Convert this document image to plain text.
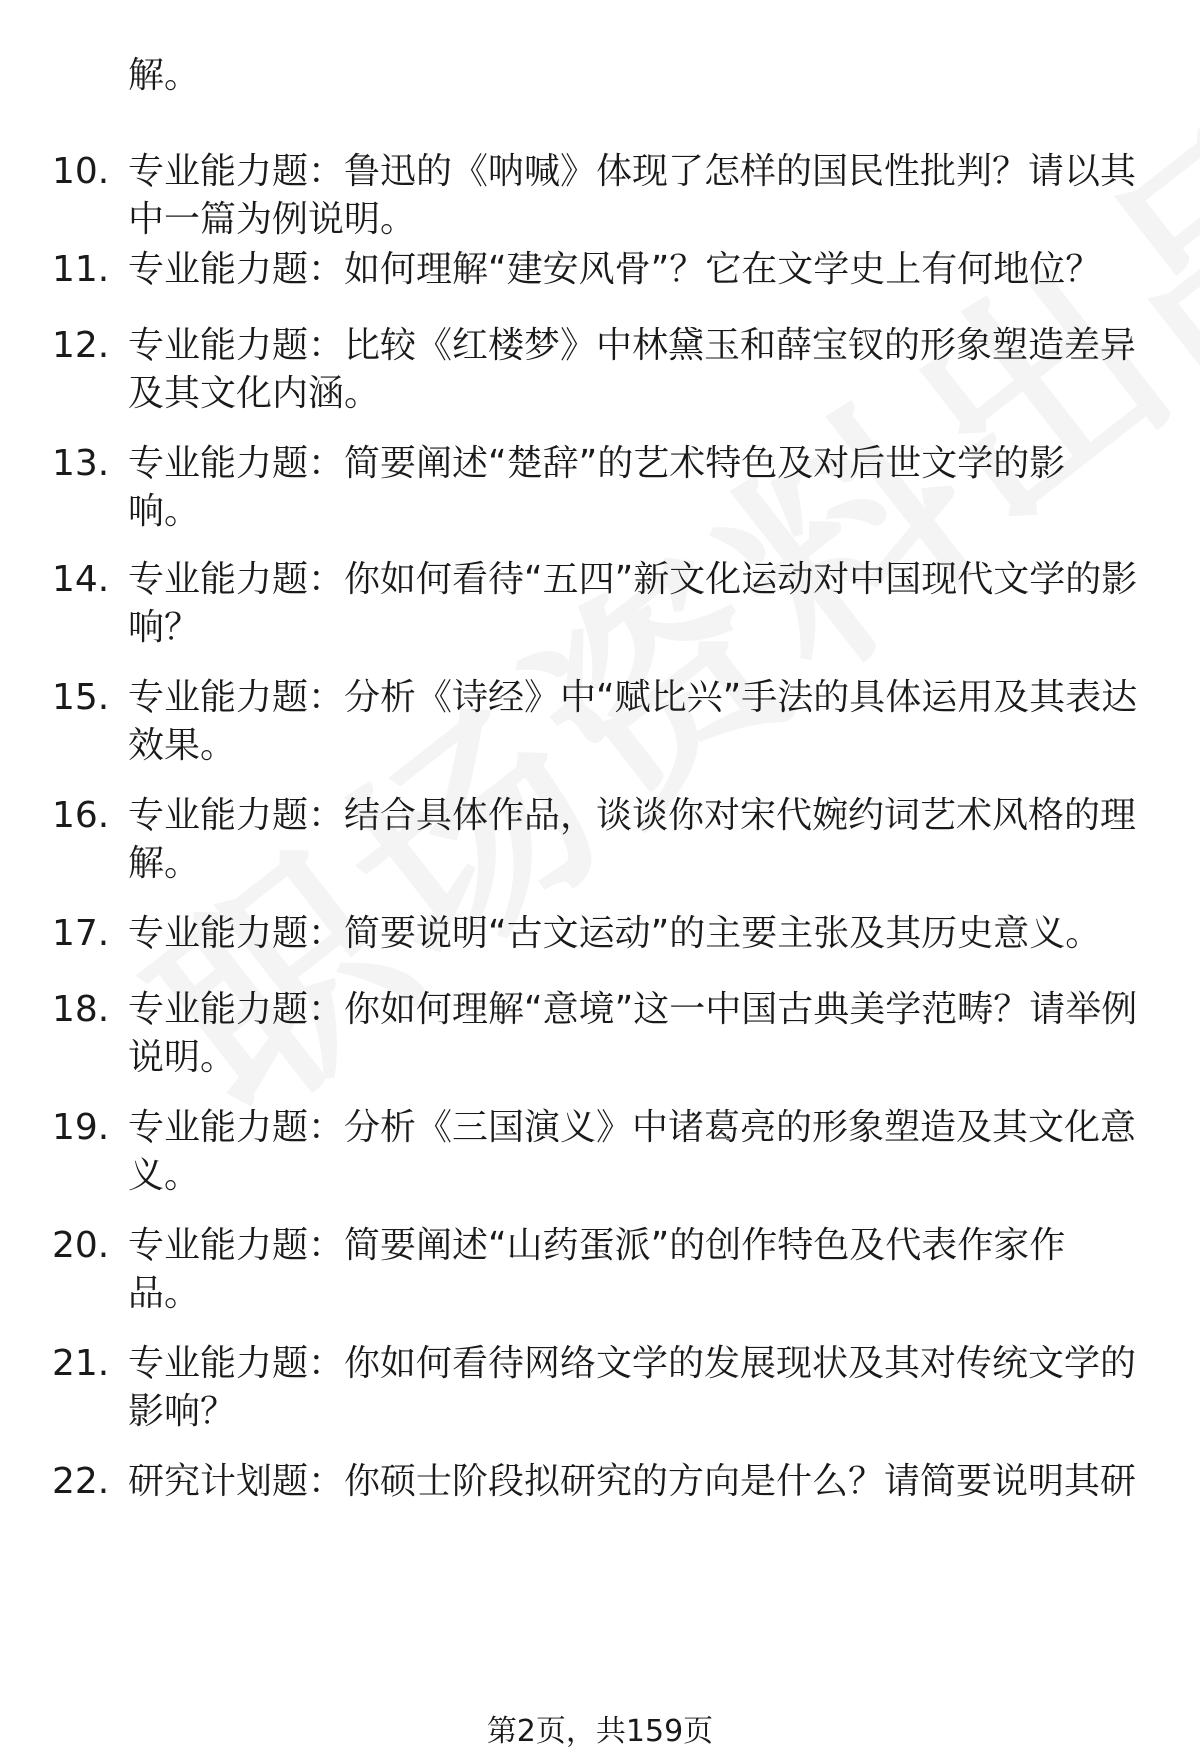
解。
10. 专业能力题：鲁迅的《呐喊》体现了怎样的国民性批判？请以其中一篇为例说明。
11. 专业能力题：如何理解“建安风骨”？它在文学史上有何地位？
12. 专业能力题：比较《红楼梦》中林黛玉和薛宝钗的形象塑造差异及其文化内涵。
13. 专业能力题：简要阐述“楚辞”的艺术特色及对后世文学的影响。
14. 专业能力题：你如何看待“五四”新文化运动对中国现代文学的影响？
15. 专业能力题：分析《诗经》中“赋比兴”手法的具体运用及其表达效果。
16. 专业能力题：结合具体作品，谈谈你对宋代婉约词艺术风格的理解。
17. 专业能力题：简要说明“古文运动”的主要主张及其历史意义。
18. 专业能力题：你如何理解“意境”这一中国古典美学范畴？请举例说明。
19. 专业能力题：分析《三国演义》中诸葛亮的形象塑造及其文化意义。
20. 专业能力题：简要阐述“山药蛋派”的创作特色及代表作家作品。
21. 专业能力题：你如何看待网络文学的发展现状及其对传统文学的影响？
22. 研究计划题：你硕士阶段拟研究的方向是什么？请简要说明其研
第2页，共159页
